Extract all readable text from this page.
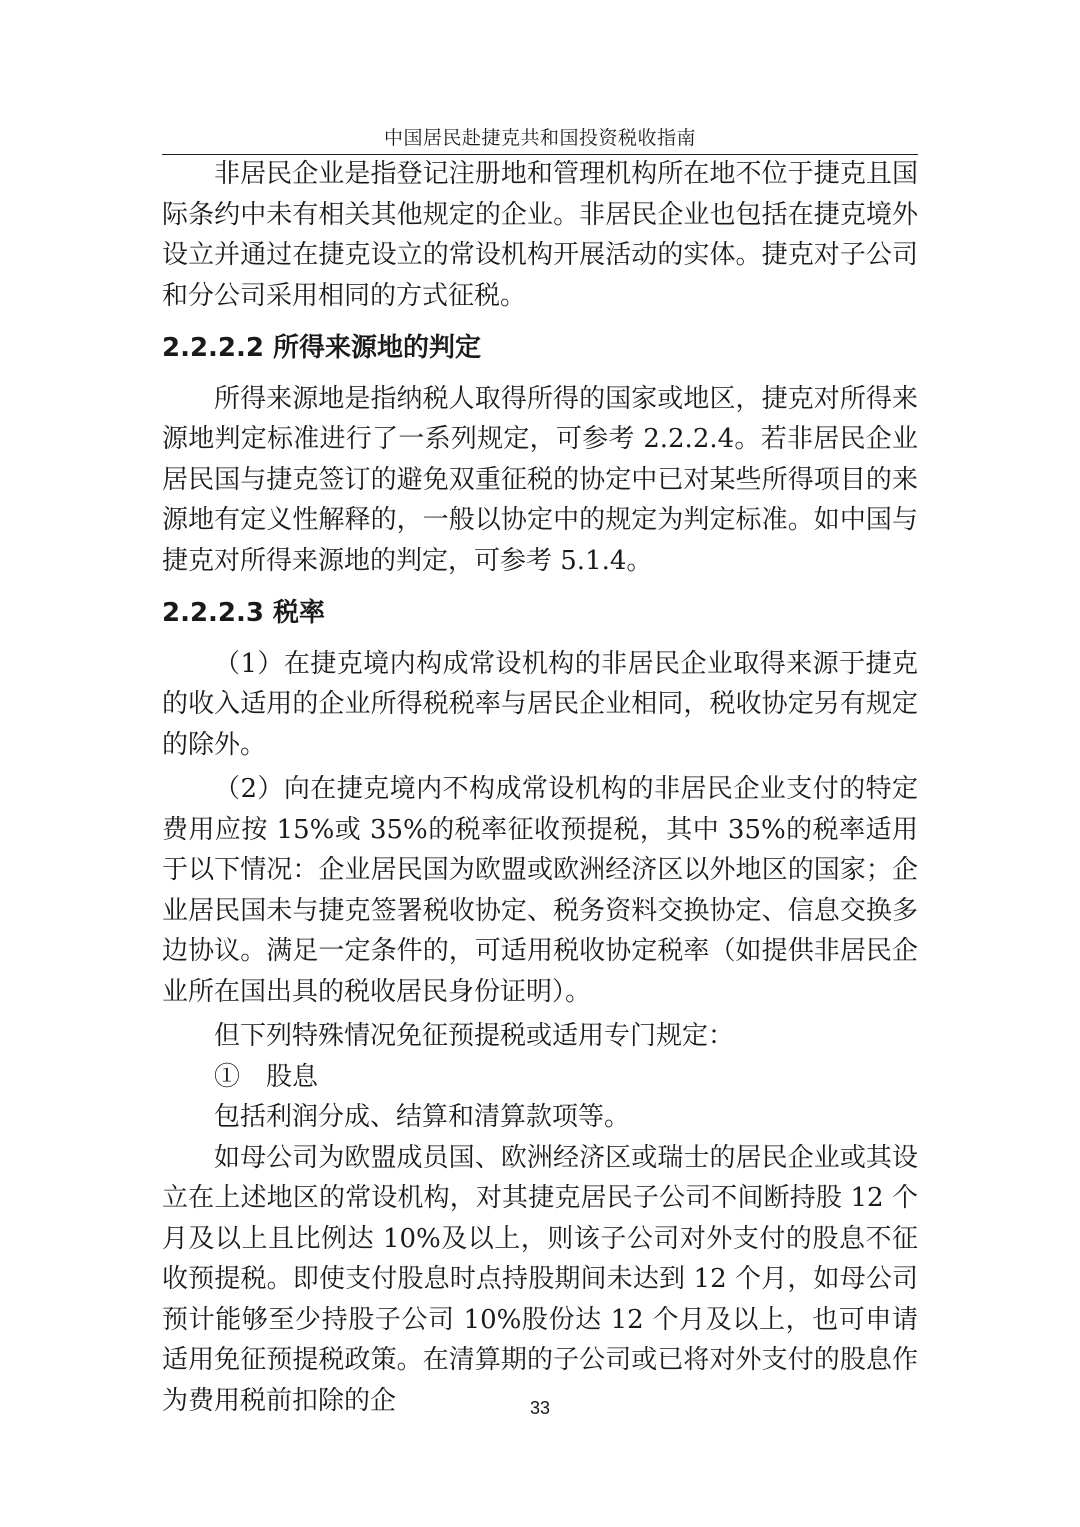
中国居民赴捷克共和国投资税收指南

非居民企业是指登记注册地和管理机构所在地不位于捷克且国际条约中未有相关其他规定的企业。非居民企业也包括在捷克境外设立并通过在捷克设立的常设机构开展活动的实体。捷克对子公司和分公司采用相同的方式征税。

2.2.2.2 所得来源地的判定

所得来源地是指纳税人取得所得的国家或地区，捷克对所得来源地判定标准进行了一系列规定，可参考 2.2.2.4。若非居民企业居民国与捷克签订的避免双重征税的协定中已对某些所得项目的来源地有定义性解释的，一般以协定中的规定为判定标准。如中国与捷克对所得来源地的判定，可参考 5.1.4。

2.2.2.3 税率

（1）在捷克境内构成常设机构的非居民企业取得来源于捷克的收入适用的企业所得税税率与居民企业相同，税收协定另有规定的除外。

（2）向在捷克境内不构成常设机构的非居民企业支付的特定费用应按 15%或 35%的税率征收预提税，其中 35%的税率适用于以下情况：企业居民国为欧盟或欧洲经济区以外地区的国家；企业居民国未与捷克签署税收协定、税务资料交换协定、信息交换多边协议。满足一定条件的，可适用税收协定税率（如提供非居民企业所在国出具的税收居民身份证明）。

但下列特殊情况免征预提税或适用专门规定：

①　股息

包括利润分成、结算和清算款项等。

如母公司为欧盟成员国、欧洲经济区或瑞士的居民企业或其设立在上述地区的常设机构，对其捷克居民子公司不间断持股 12 个月及以上且比例达 10%及以上，则该子公司对外支付的股息不征收预提税。即使支付股息时点持股期间未达到 12 个月，如母公司预计能够至少持股子公司 10%股份达 12 个月及以上，也可申请适用免征预提税政策。在清算期的子公司或已将对外支付的股息作为费用税前扣除的企	33
